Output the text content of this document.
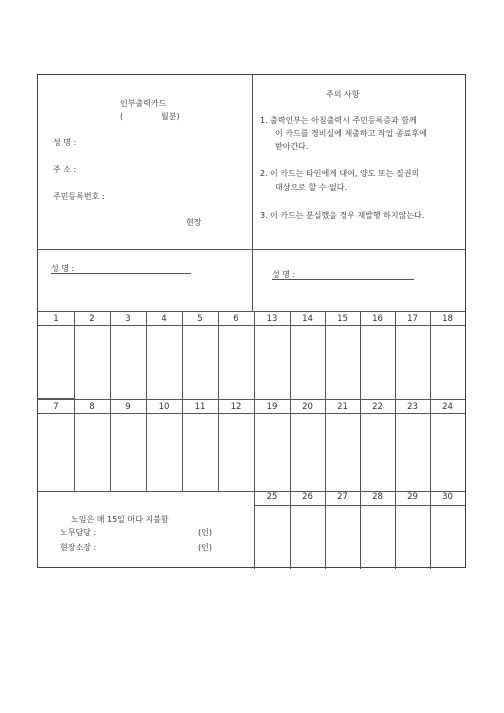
인부출력카드
(	월분)
성 명 :
주 소 :
주민등록번호 :
현장
주의 사항
1. 출력인부는 아침출력시 주민등록증과 함께
이 카드를 경비실에 제출하고 작업 종료후에
받아간다.
2. 이 카드는 타인에게 대여, 양도 또는 질권의
대상으로 할 수 없다.
3. 이 카드는 분실했을 경우 재발행 하지않는다.
성 명 :
성 명 :
노임은 매 15일 마다 지불함
노무담당 :	(인)
현장소장 :	(인)
1	2	3	4	5	6	13	14	15	16	17	18
7	8	9	10	11	12	19	20	21	22	23	24
25	26	27	28	29	30
